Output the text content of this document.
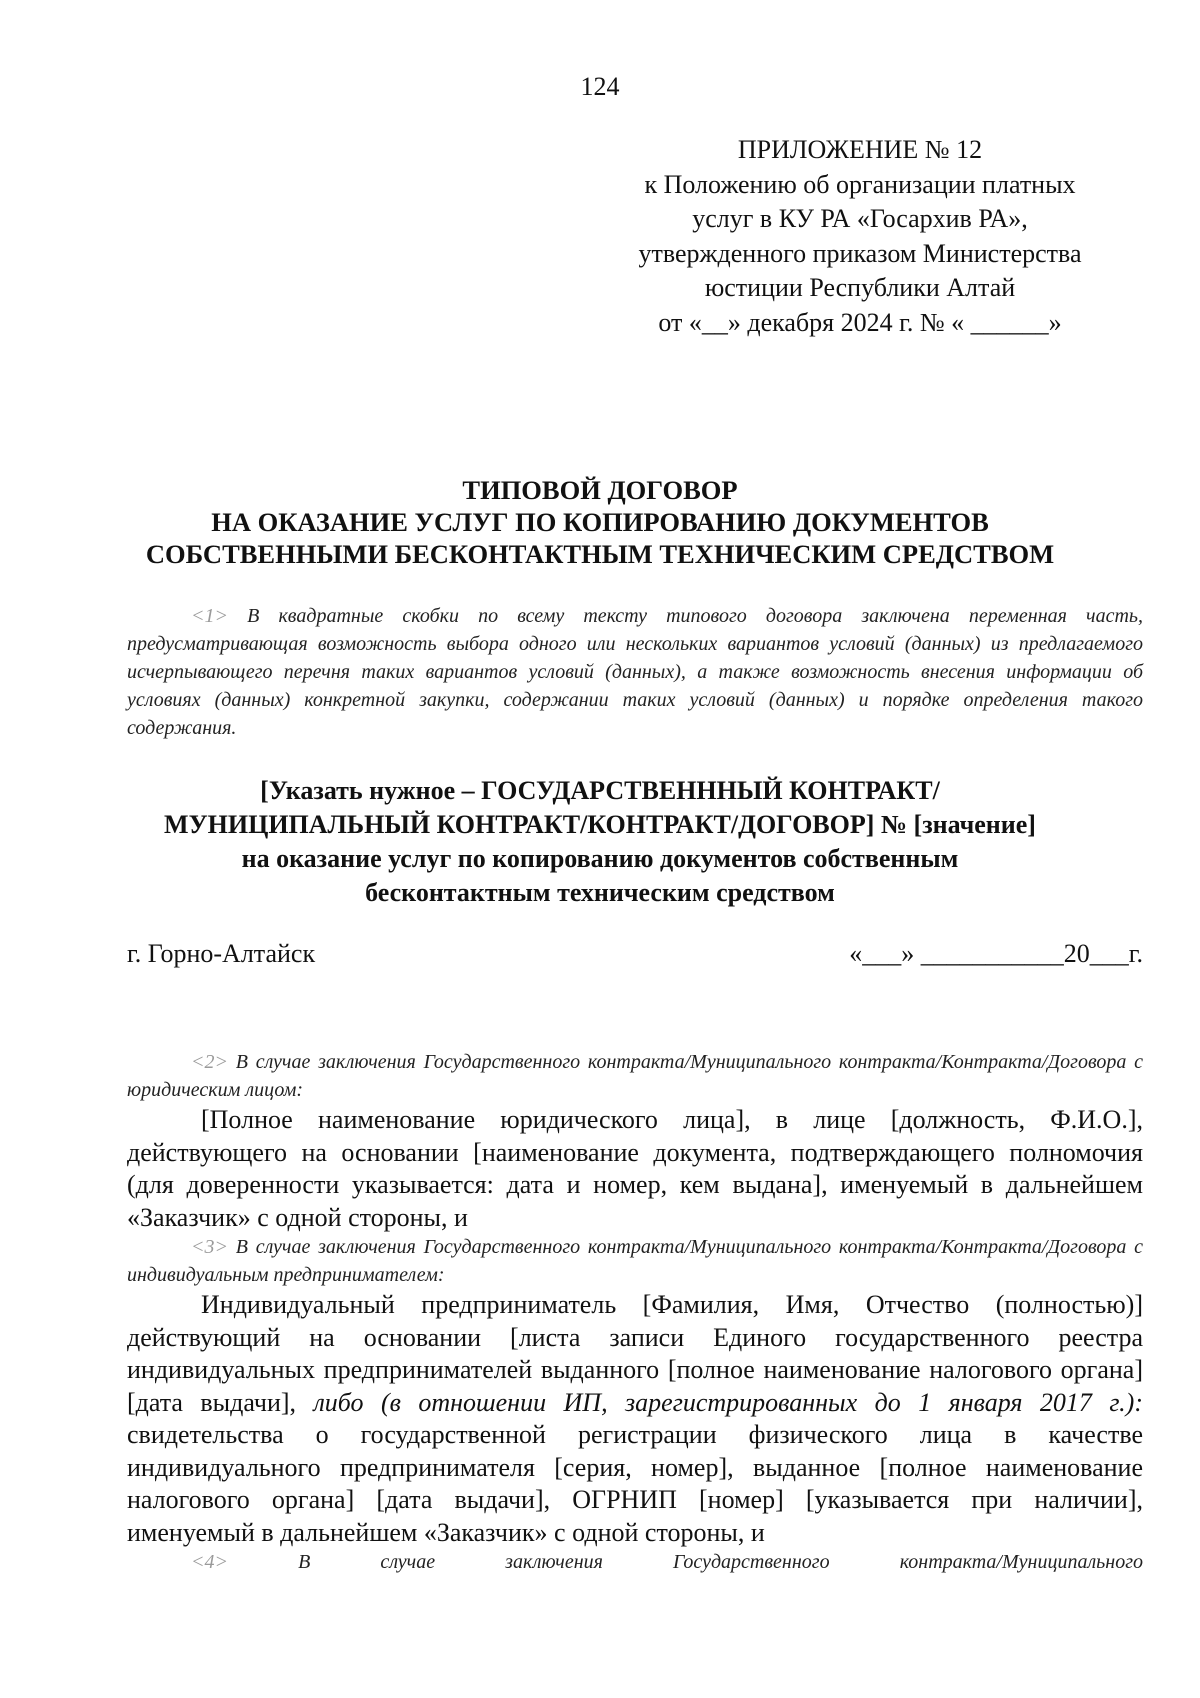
124
ПРИЛОЖЕНИЕ № 12
к Положению об организации платных
услуг в КУ РА «Госархив РА»,
утвержденного приказом Министерства
юстиции Республики Алтай
от «__» декабря 2024 г. № « ______»
ТИПОВОЙ ДОГОВОР
НА ОКАЗАНИЕ УСЛУГ ПО КОПИРОВАНИЮ ДОКУМЕНТОВ
СОБСТВЕННЫМИ БЕСКОНТАКТНЫМ ТЕХНИЧЕСКИМ СРЕДСТВОМ
<1> В квадратные скобки по всему тексту типового договора заключена переменная часть, предусматривающая возможность выбора одного или нескольких вариантов условий (данных) из предлагаемого исчерпывающего перечня таких вариантов условий (данных), а также возможность внесения информации об условиях (данных) конкретной закупки, содержании таких условий (данных) и порядке определения такого содержания.
[Указать нужное – ГОСУДАРСТВЕНННЫЙ КОНТРАКТ/
МУНИЦИПАЛЬНЫЙ КОНТРАКТ/КОНТРАКТ/ДОГОВОР] № [значение]
на оказание услуг по копированию документов собственным
бесконтактным техническим средством
г. Горно-Алтайск	«___» ___________20___г.
<2> В случае заключения Государственного контракта/Муниципального контракта/Контракта/Договора с юридическим лицом:
[Полное наименование юридического лица], в лице [должность, Ф.И.О.], действующего на основании [наименование документа, подтверждающего полномочия (для доверенности указывается: дата и номер, кем выдана], именуемый в дальнейшем «Заказчик» с одной стороны, и
<3> В случае заключения Государственного контракта/Муниципального контракта/Контракта/Договора с индивидуальным предпринимателем:
Индивидуальный предприниматель [Фамилия, Имя, Отчество (полностью)] действующий на основании [листа записи Единого государственного реестра индивидуальных предпринимателей выданного [полное наименование налогового органа] [дата выдачи], либо (в отношении ИП, зарегистрированных до 1 января 2017 г.): свидетельства о государственной регистрации физического лица в качестве индивидуального предпринимателя [серия, номер], выданное [полное наименование налогового органа] [дата выдачи], ОГРНИП [номер] [указывается при наличии], именуемый в дальнейшем «Заказчик» с одной стороны, и
<4> В случае заключения Государственного контракта/Муниципального
